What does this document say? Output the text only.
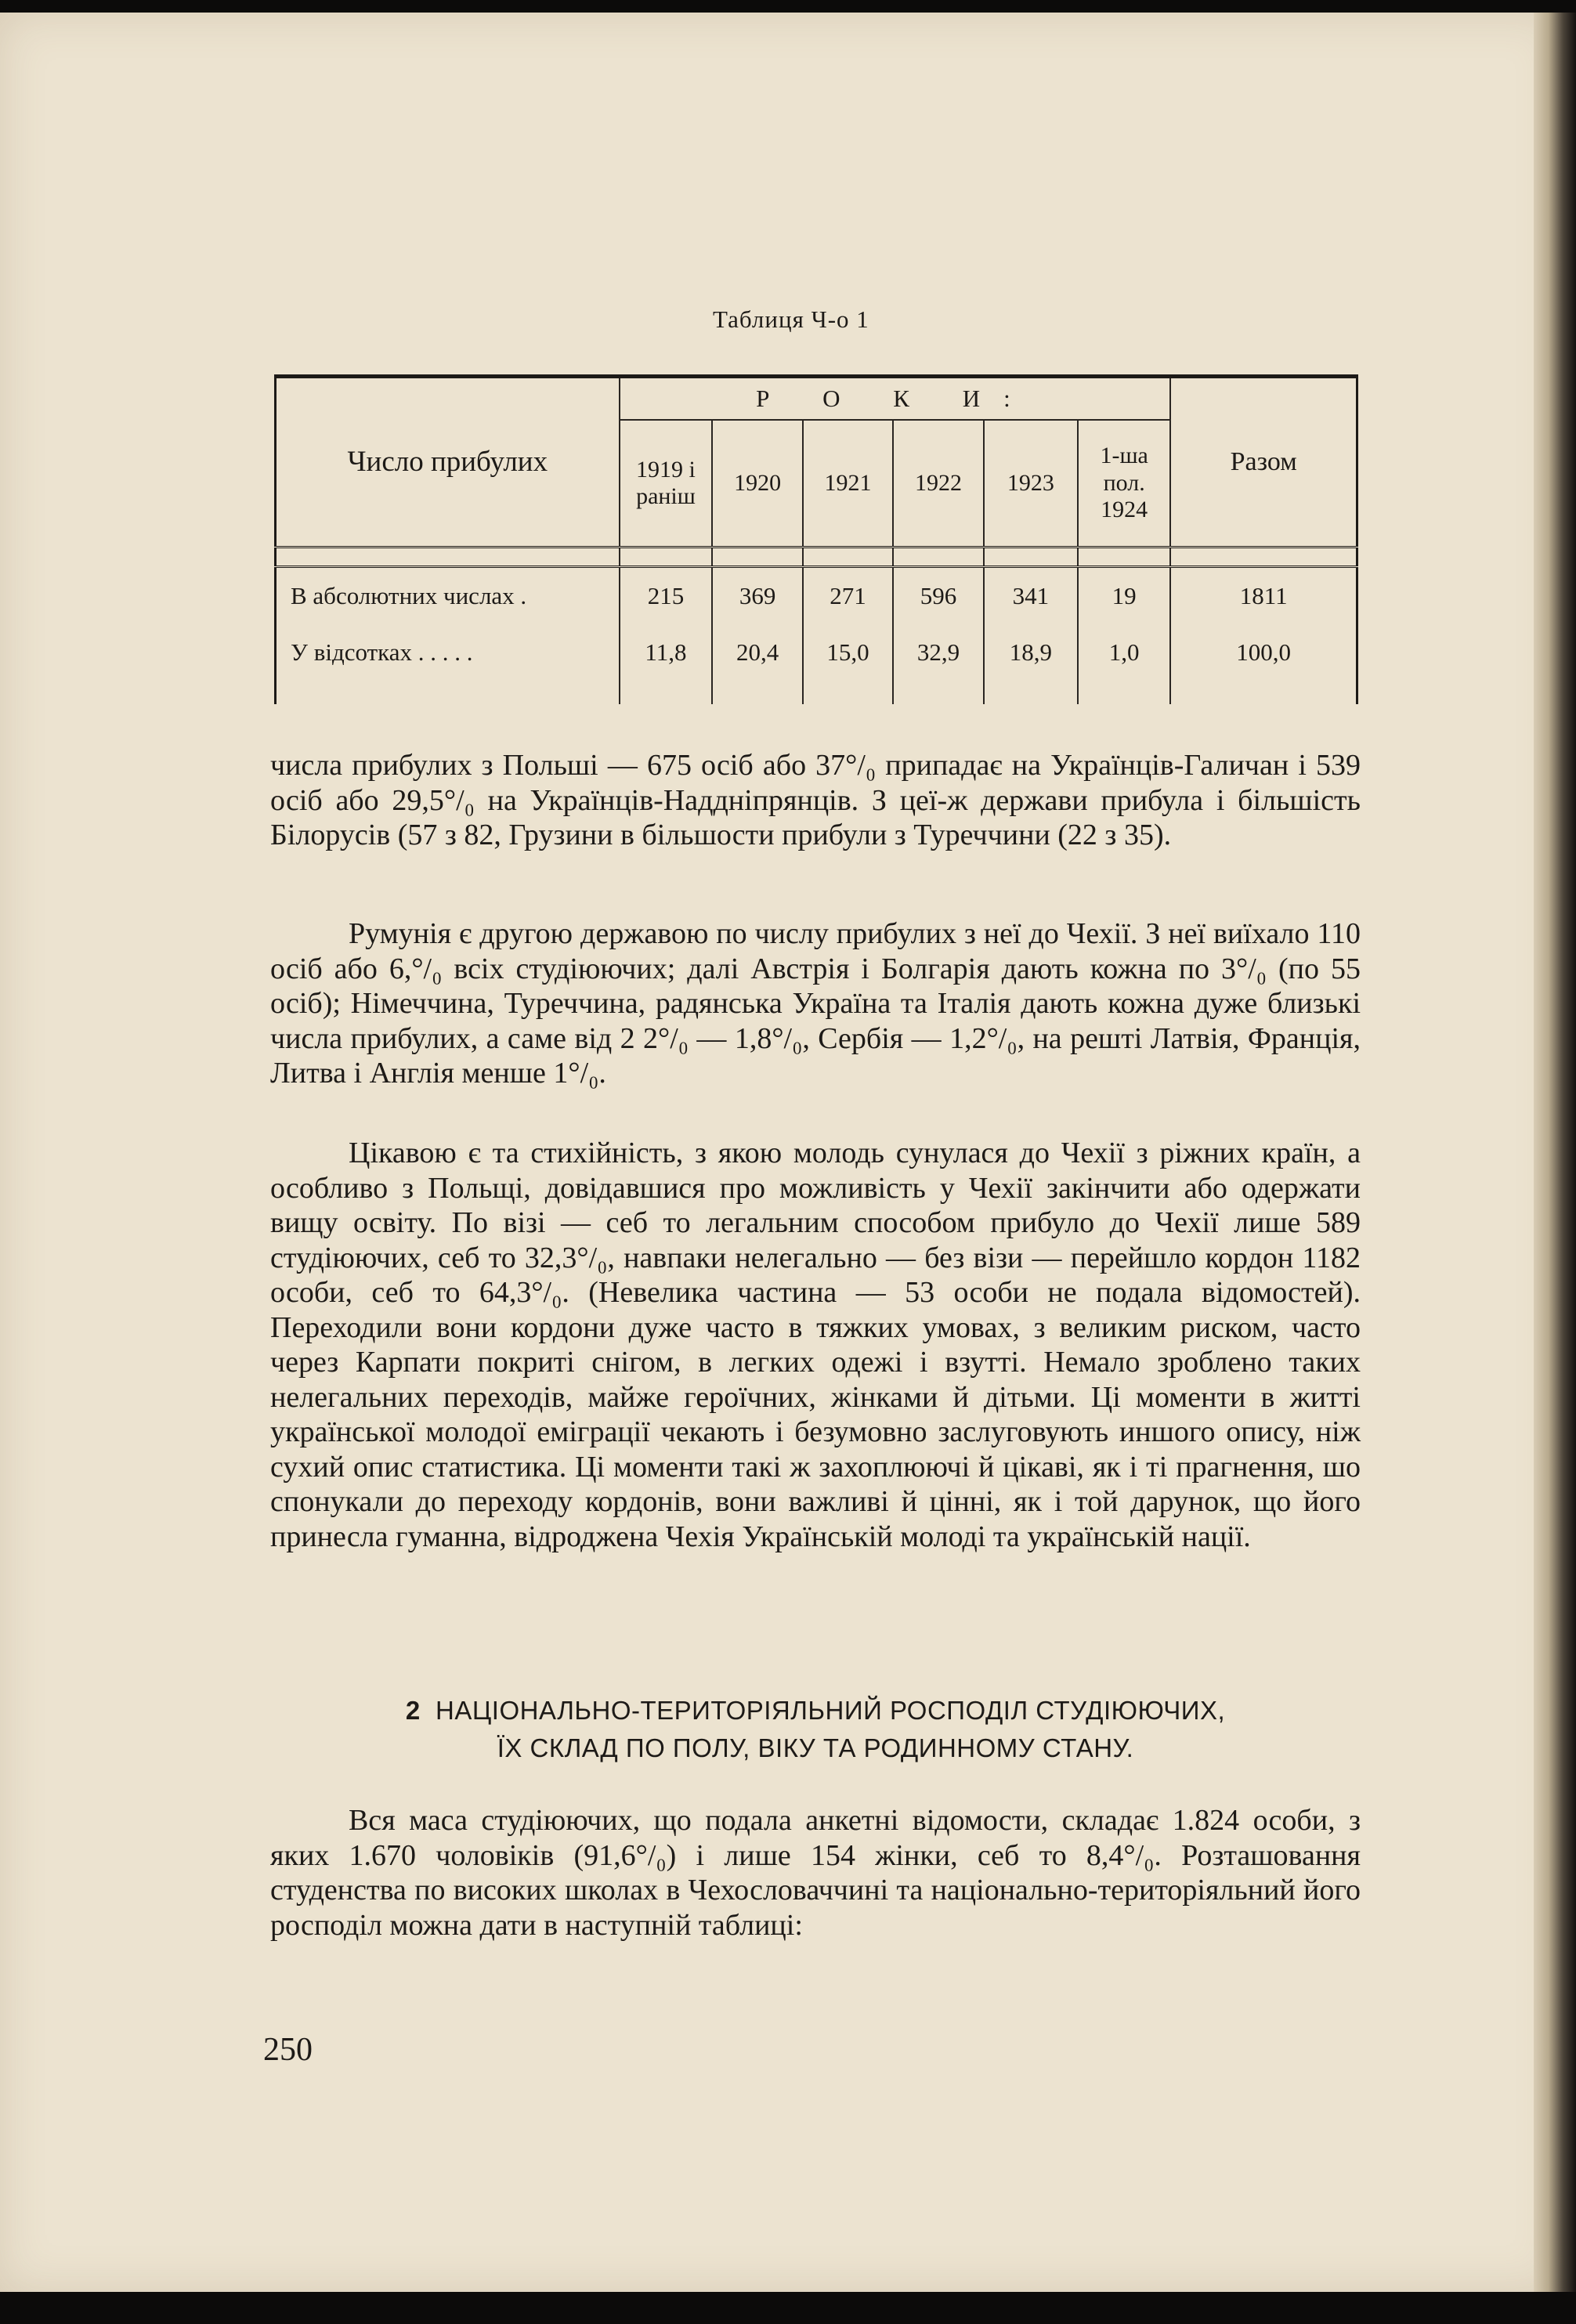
Таблиця Ч-о 1
Число прибулих	Р О К И:						Разом
	1919 і раніш	1920	1921	1922	1923	1-ша пол. 1924	

В абсолютних числах .	215	369	271	596	341	19	1811
У відсотках . . . . .	11,8	20,4	15,0	32,9	18,9	1,0	100,0

числа прибулих з Польші — 675 осіб або 37°/₀ припадає на Українців-Галичан і 539 осіб або 29,5°/₀ на Українців-Наддніпрянців. З цеї-ж держави прибула і більшість Білорусів (57 з 82, Грузини в більшости прибули з Туреччини (22 з 35).

Румунія є другою державою по числу прибулих з неї до Чехії. З неї виїхало 110 осіб або 6,°/₀ всіх студіюючих; далі Австрія і Болгарія дають кожна по 3°/₀ (по 55 осіб); Німеччина, Туреччина, радянська Україна та Італія дають кожна дуже близькі числа прибулих, а саме від 2 2°/₀ — 1,8°/₀, Сербія — 1,2°/₀, на решті Латвія, Франція, Литва і Англія менше 1°/₀.

Цікавою є та стихійність, з якою молодь сунулася до Чехії з ріжних країн, а особливо з Польщі, довідавшися про можливість у Чехії закінчити або одержати вищу освіту. По візі — себ то легальним способом прибуло до Чехії лише 589 студіюючих, себ то 32,3°/₀, навпаки нелегально — без візи — перейшло кордон 1182 особи, себ то 64,3°/₀. (Невелика частина — 53 особи не подала відомостей). Переходили вони кордони дуже часто в тяжких умовах, з великим риском, часто через Карпати покриті снігом, в легких одежі і взутті. Немало зроблено таких нелегальних переходів, майже героїчних, жінками й дітьми. Ці моменти в житті української молодої еміграції чекають і безумовно заслуговують иншого опису, ніж сухий опис статистика. Ці моменти такі ж захоплюючі й цікаві, як і ті прагнення, шо спонукали до переходу кордонів, вони важливі й цінні, як і той дарунок, що його принесла гуманна, відроджена Чехія Українській молоді та українській нації.

2 НАЦІОНАЛЬНО-ТЕРИТОРІЯЛЬНИЙ РОСПОДІЛ СТУДІЮЮЧИХ,
ЇХ СКЛАД ПО ПОЛУ, ВІКУ ТА РОДИННОМУ СТАНУ.

Вся маса студіюючих, що подала анкетні відомости, складає 1.824 особи, з яких 1.670 чоловіків (91,6°/₀) і лише 154 жінки, себ то 8,4°/₀. Розташовання студенства по високих школах в Чехословаччині та національно-територіяльний його росподіл можна дати в наступній таблиці:

250
